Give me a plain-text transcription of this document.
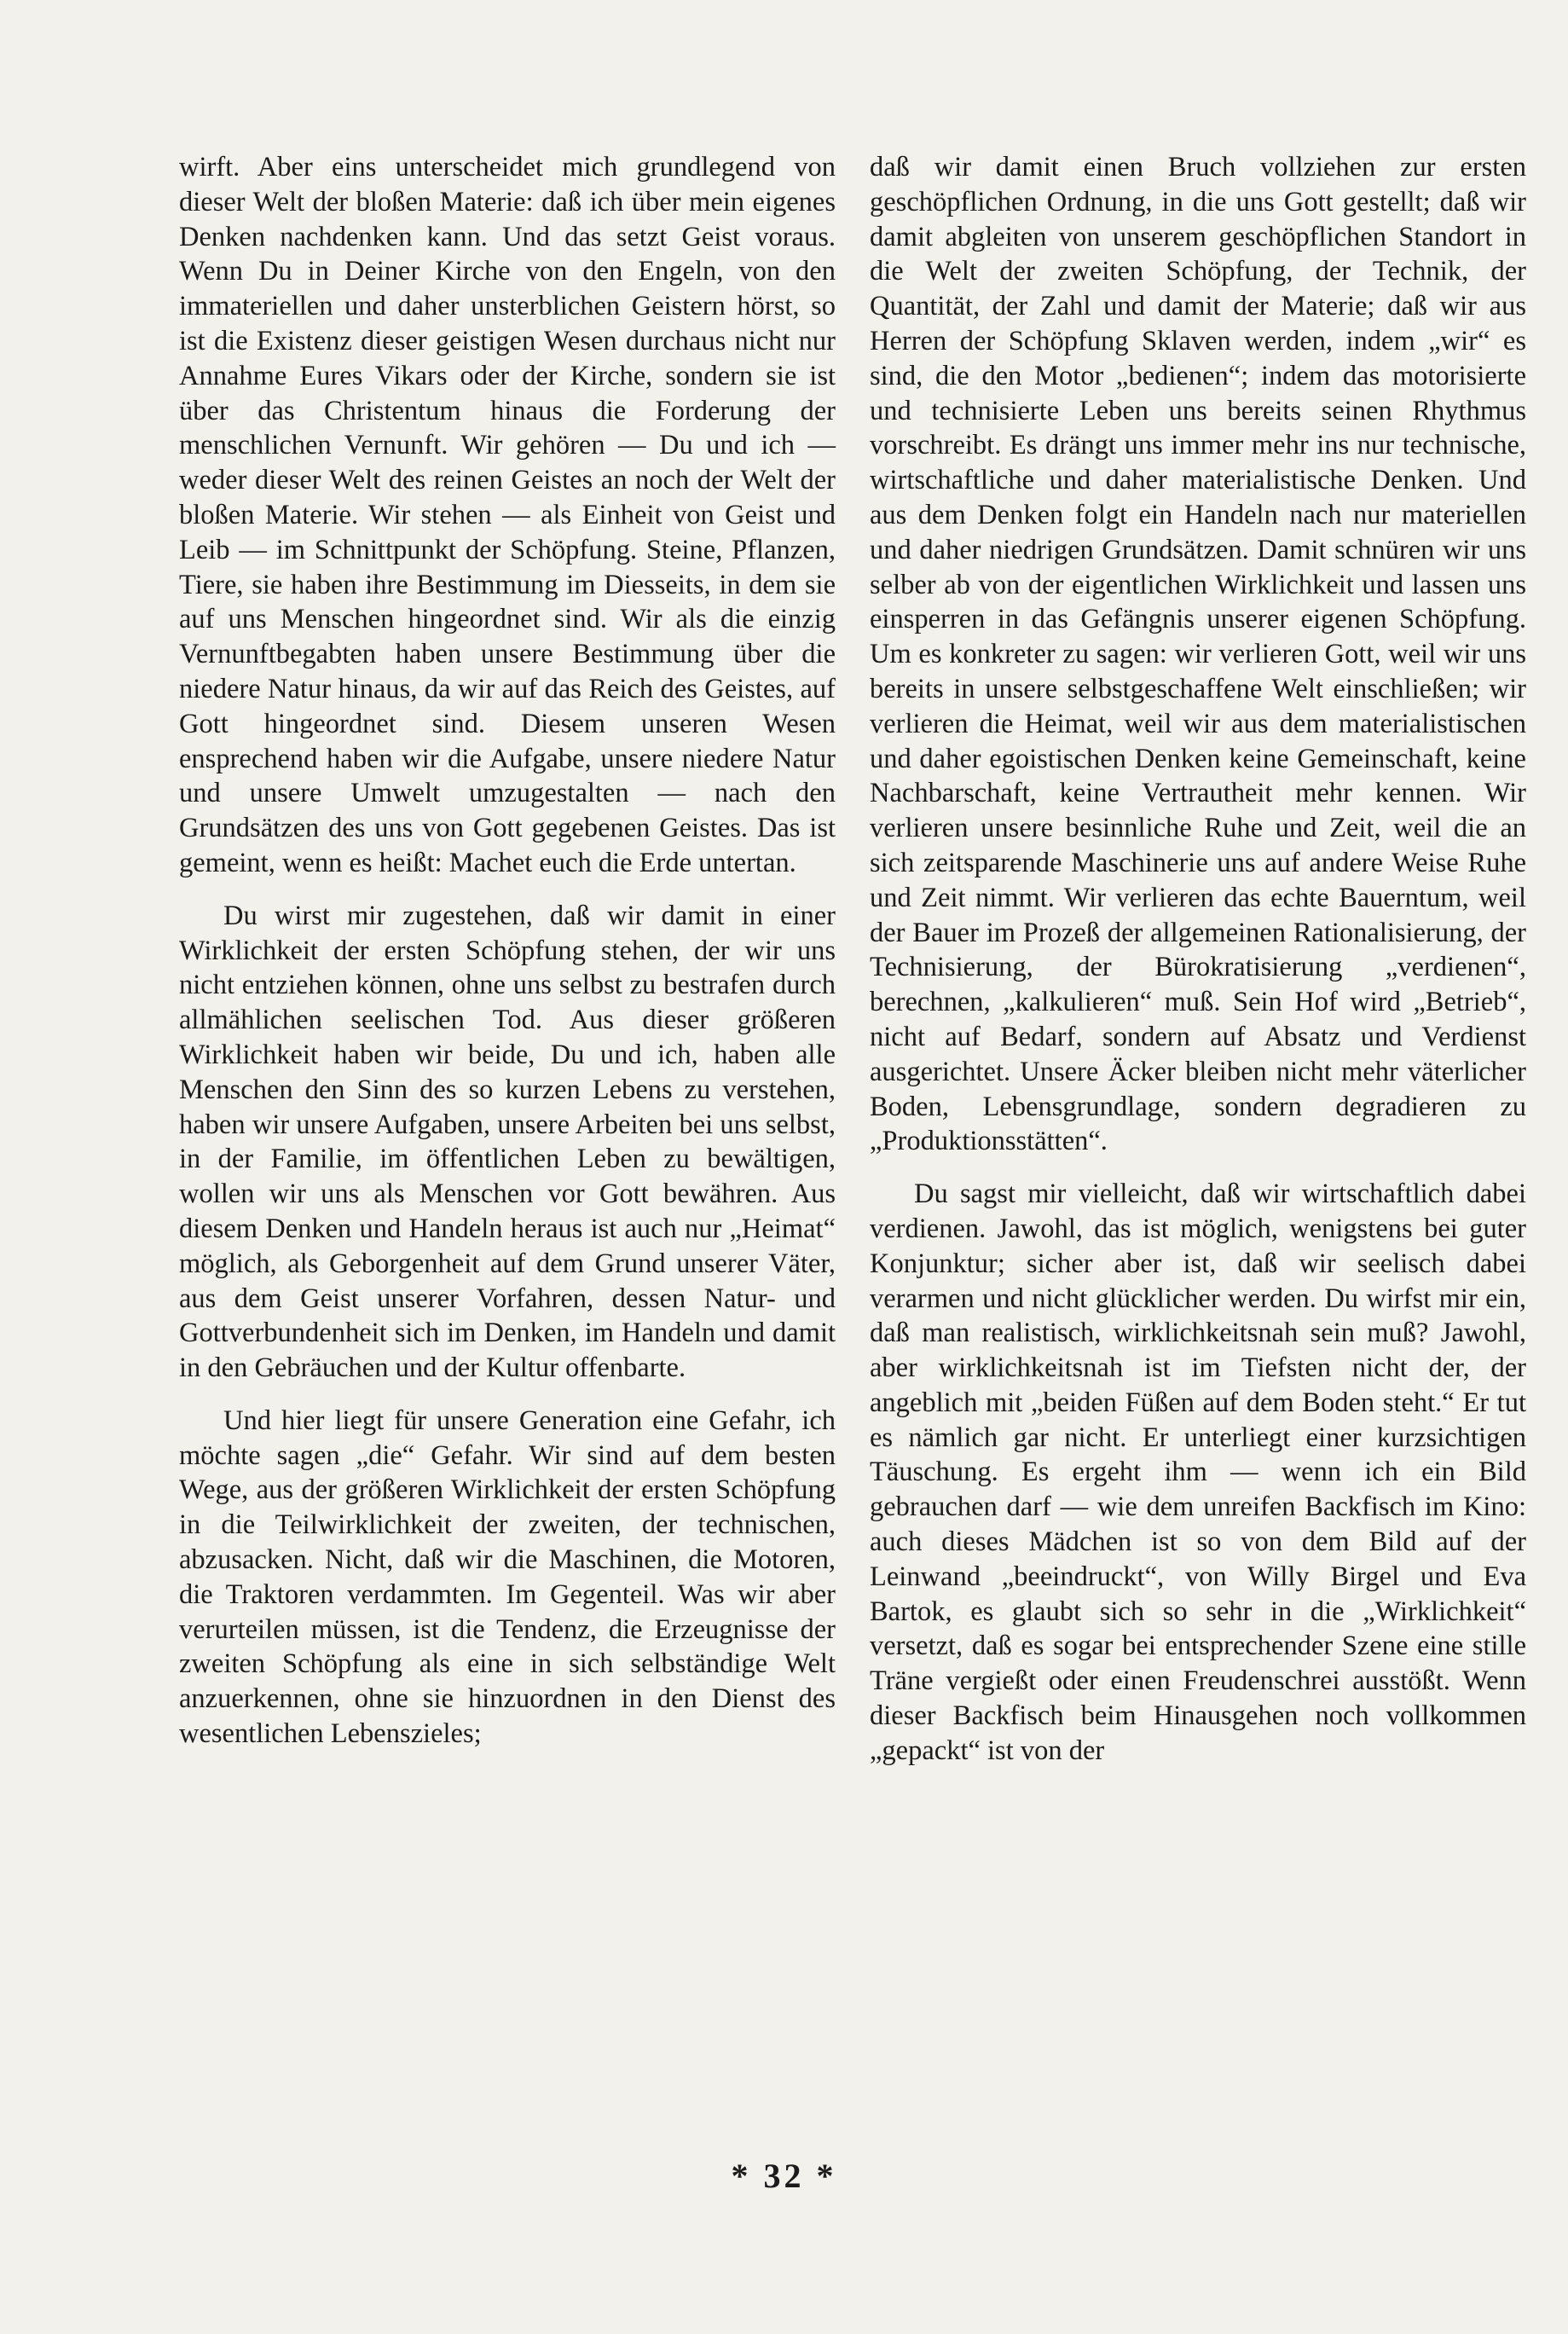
wirft. Aber eins unterscheidet mich grundlegend von dieser Welt der bloßen Materie: daß ich über mein eigenes Denken nachdenken kann. Und das setzt Geist voraus. Wenn Du in Deiner Kirche von den Engeln, von den immateriellen und daher unsterblichen Geistern hörst, so ist die Existenz dieser geistigen Wesen durchaus nicht nur Annahme Eures Vikars oder der Kirche, sondern sie ist über das Christentum hinaus die Forderung der menschlichen Vernunft. Wir gehören — Du und ich — weder dieser Welt des reinen Geistes an noch der Welt der bloßen Materie. Wir stehen — als Einheit von Geist und Leib — im Schnittpunkt der Schöpfung. Steine, Pflanzen, Tiere, sie haben ihre Bestimmung im Diesseits, in dem sie auf uns Menschen hingeordnet sind. Wir als die einzig Vernunftbegabten haben unsere Bestimmung über die niedere Natur hinaus, da wir auf das Reich des Geistes, auf Gott hingeordnet sind. Diesem unseren Wesen ensprechend haben wir die Aufgabe, unsere niedere Natur und unsere Umwelt umzugestalten — nach den Grundsätzen des uns von Gott gegebenen Geistes. Das ist gemeint, wenn es heißt: Machet euch die Erde untertan.

Du wirst mir zugestehen, daß wir damit in einer Wirklichkeit der ersten Schöpfung stehen, der wir uns nicht entziehen können, ohne uns selbst zu bestrafen durch allmählichen seelischen Tod. Aus dieser größeren Wirklichkeit haben wir beide, Du und ich, haben alle Menschen den Sinn des so kurzen Lebens zu verstehen, haben wir unsere Aufgaben, unsere Arbeiten bei uns selbst, in der Familie, im öffentlichen Leben zu bewältigen, wollen wir uns als Menschen vor Gott bewähren. Aus diesem Denken und Handeln heraus ist auch nur „Heimat“ möglich, als Geborgenheit auf dem Grund unserer Väter, aus dem Geist unserer Vorfahren, dessen Natur- und Gottverbundenheit sich im Denken, im Handeln und damit in den Gebräuchen und der Kultur offenbarte.

Und hier liegt für unsere Generation eine Gefahr, ich möchte sagen „die“ Gefahr. Wir sind auf dem besten Wege, aus der größeren Wirklichkeit der ersten Schöpfung in die Teilwirklichkeit der zweiten, der technischen, abzusacken. Nicht, daß wir die Maschinen, die Motoren, die Traktoren verdammten. Im Gegenteil. Was wir aber verurteilen müssen, ist die Tendenz, die Erzeugnisse der zweiten Schöpfung als eine in sich selbständige Welt anzuerkennen, ohne sie hinzuordnen in den Dienst des wesentlichen Lebenszieles;

daß wir damit einen Bruch vollziehen zur ersten geschöpflichen Ordnung, in die uns Gott gestellt; daß wir damit abgleiten von unserem geschöpflichen Standort in die Welt der zweiten Schöpfung, der Technik, der Quantität, der Zahl und damit der Materie; daß wir aus Herren der Schöpfung Sklaven werden, indem „wir“ es sind, die den Motor „bedienen“; indem das motorisierte und technisierte Leben uns bereits seinen Rhythmus vorschreibt. Es drängt uns immer mehr ins nur technische, wirtschaftliche und daher materialistische Denken. Und aus dem Denken folgt ein Handeln nach nur materiellen und daher niedrigen Grundsätzen. Damit schnüren wir uns selber ab von der eigentlichen Wirklichkeit und lassen uns einsperren in das Gefängnis unserer eigenen Schöpfung. Um es konkreter zu sagen: wir verlieren Gott, weil wir uns bereits in unsere selbstgeschaffene Welt einschließen; wir verlieren die Heimat, weil wir aus dem materialistischen und daher egoistischen Denken keine Gemeinschaft, keine Nachbarschaft, keine Vertrautheit mehr kennen. Wir verlieren unsere besinnliche Ruhe und Zeit, weil die an sich zeitsparende Maschinerie uns auf andere Weise Ruhe und Zeit nimmt. Wir verlieren das echte Bauerntum, weil der Bauer im Prozeß der allgemeinen Rationalisierung, der Technisierung, der Bürokratisierung „verdienen“, berechnen, „kalkulieren“ muß. Sein Hof wird „Betrieb“, nicht auf Bedarf, sondern auf Absatz und Verdienst ausgerichtet. Unsere Äcker bleiben nicht mehr väterlicher Boden, Lebensgrundlage, sondern degradieren zu „Produktionsstätten“.

Du sagst mir vielleicht, daß wir wirtschaftlich dabei verdienen. Jawohl, das ist möglich, wenigstens bei guter Konjunktur; sicher aber ist, daß wir seelisch dabei verarmen und nicht glücklicher werden. Du wirfst mir ein, daß man realistisch, wirklichkeitsnah sein muß? Jawohl, aber wirklichkeitsnah ist im Tiefsten nicht der, der angeblich mit „beiden Füßen auf dem Boden steht.“ Er tut es nämlich gar nicht. Er unterliegt einer kurzsichtigen Täuschung. Es ergeht ihm — wenn ich ein Bild gebrauchen darf — wie dem unreifen Backfisch im Kino: auch dieses Mädchen ist so von dem Bild auf der Leinwand „beeindruckt“, von Willy Birgel und Eva Bartok, es glaubt sich so sehr in die „Wirklichkeit“ versetzt, daß es sogar bei entsprechender Szene eine stille Träne vergießt oder einen Freudenschrei ausstößt. Wenn dieser Backfisch beim Hinausgehen noch vollkommen „gepackt“ ist von der

* 32 *
